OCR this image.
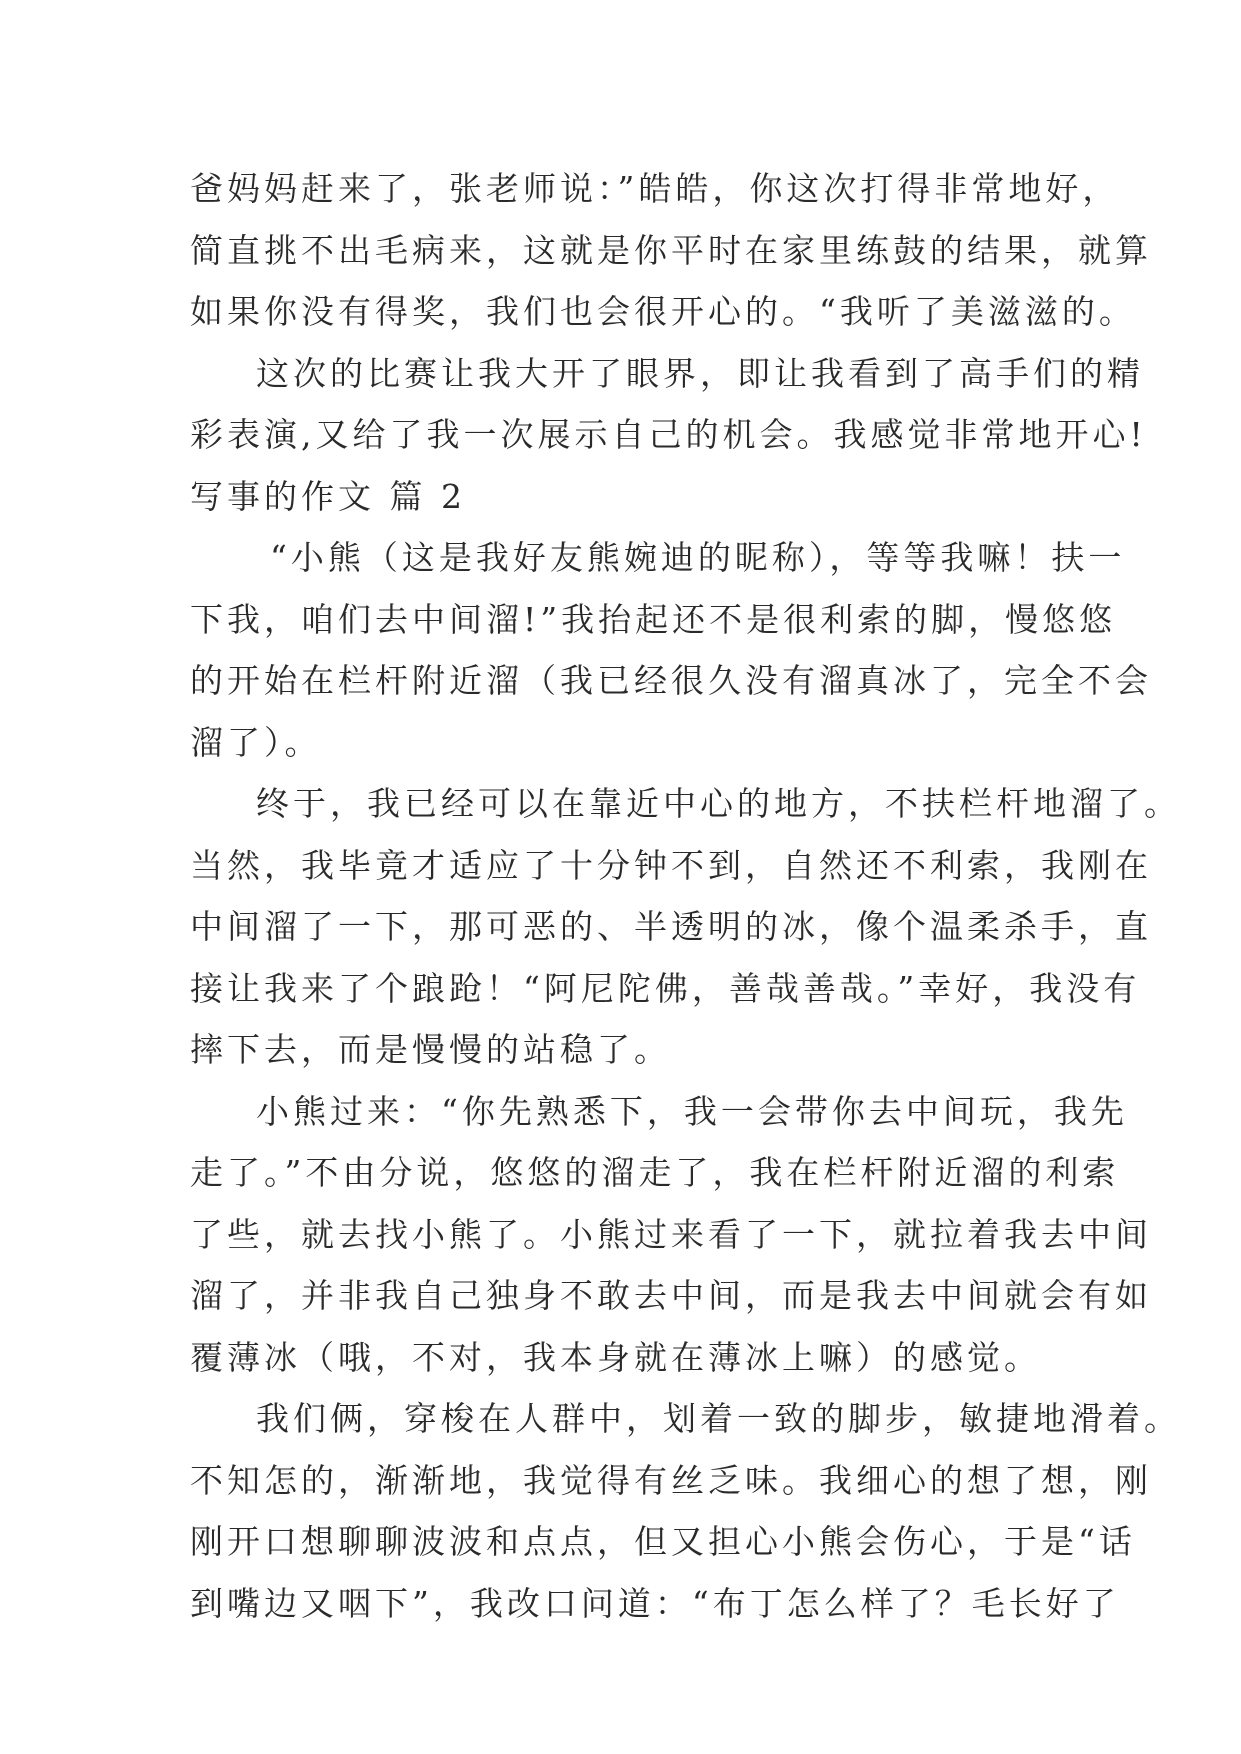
爸妈妈赶来了，张老师说：”皓皓，你这次打得非常地好，
简直挑不出毛病来，这就是你平时在家里练鼓的结果，就算
如果你没有得奖，我们也会很开心的。“我听了美滋滋的。
这次的比赛让我大开了眼界，即让我看到了高手们的精
彩表演,又给了我一次展示自己的机会。我感觉非常地开心!
写事的作文 篇 2
“小熊（这是我好友熊婉迪的昵称），等等我嘛！扶一
下我，咱们去中间溜!”我抬起还不是很利索的脚，慢悠悠
的开始在栏杆附近溜（我已经很久没有溜真冰了，完全不会
溜了）。
终于，我已经可以在靠近中心的地方，不扶栏杆地溜了。
当然，我毕竟才适应了十分钟不到，自然还不利索，我刚在
中间溜了一下，那可恶的、半透明的冰，像个温柔杀手，直
接让我来了个踉跄！“阿尼陀佛，善哉善哉。”幸好，我没有
摔下去，而是慢慢的站稳了。
小熊过来：“你先熟悉下，我一会带你去中间玩，我先
走了。”不由分说，悠悠的溜走了，我在栏杆附近溜的利索
了些，就去找小熊了。小熊过来看了一下，就拉着我去中间
溜了，并非我自己独身不敢去中间，而是我去中间就会有如
覆薄冰（哦，不对，我本身就在薄冰上嘛）的感觉。
我们俩，穿梭在人群中，划着一致的脚步，敏捷地滑着。
不知怎的，渐渐地，我觉得有丝乏味。我细心的想了想，刚
刚开口想聊聊波波和点点，但又担心小熊会伤心，于是“话
到嘴边又咽下”，我改口问道：“布丁怎么样了？毛长好了
